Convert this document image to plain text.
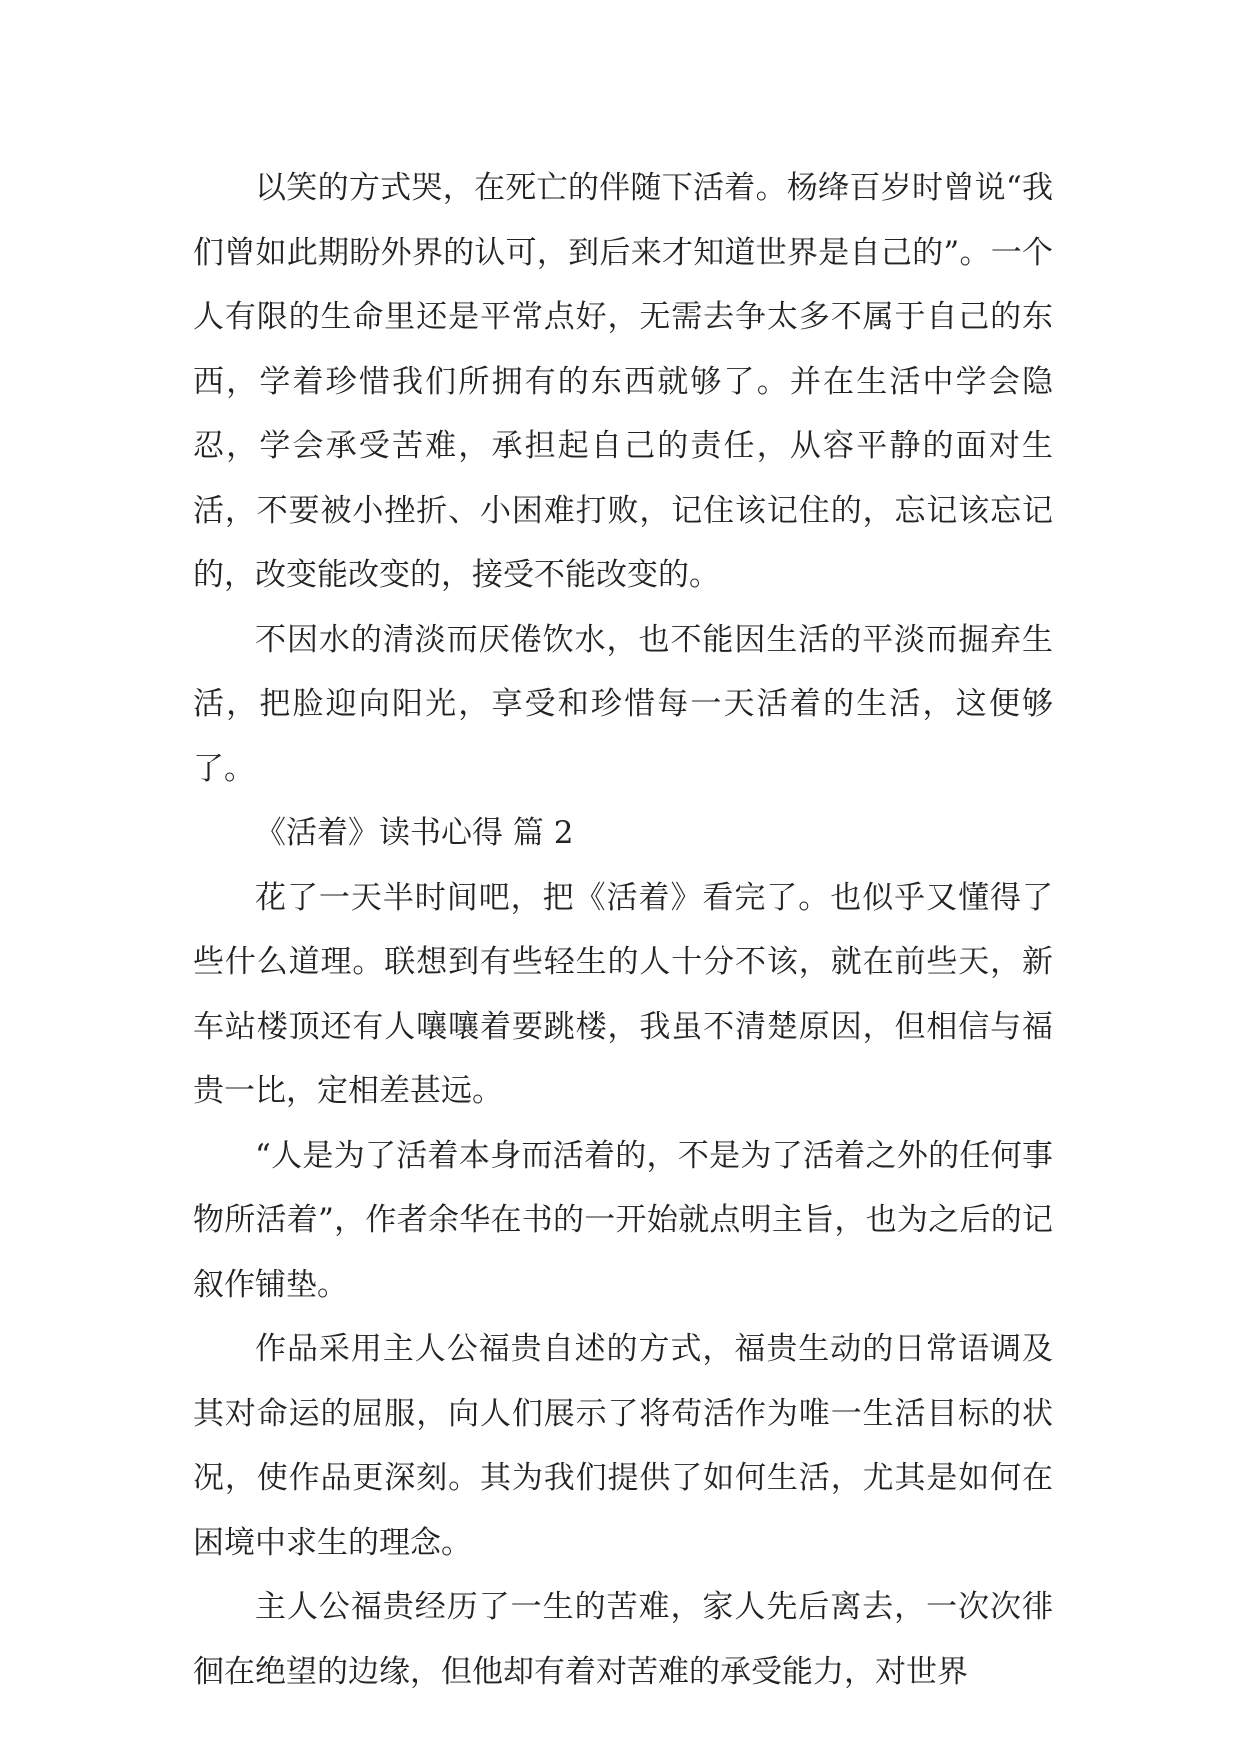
以笑的方式哭，在死亡的伴随下活着。杨绛百岁时曾说“我们曾如此期盼外界的认可，到后来才知道世界是自己的”。一个人有限的生命里还是平常点好，无需去争太多不属于自己的东西，学着珍惜我们所拥有的东西就够了。并在生活中学会隐忍，学会承受苦难，承担起自己的责任，从容平静的面对生活，不要被小挫折、小困难打败，记住该记住的，忘记该忘记的，改变能改变的，接受不能改变的。

不因水的清淡而厌倦饮水，也不能因生活的平淡而掘弃生活，把脸迎向阳光，享受和珍惜每一天活着的生活，这便够了。

《活着》读书心得 篇 2

花了一天半时间吧，把《活着》看完了。也似乎又懂得了些什么道理。联想到有些轻生的人十分不该，就在前些天，新车站楼顶还有人嚷嚷着要跳楼，我虽不清楚原因，但相信与福贵一比，定相差甚远。

“人是为了活着本身而活着的，不是为了活着之外的任何事物所活着”，作者余华在书的一开始就点明主旨，也为之后的记叙作铺垫。

作品采用主人公福贵自述的方式，福贵生动的日常语调及其对命运的屈服，向人们展示了将苟活作为唯一生活目标的状况，使作品更深刻。其为我们提供了如何生活，尤其是如何在困境中求生的理念。

主人公福贵经历了一生的苦难，家人先后离去，一次次徘徊在绝望的边缘，但他却有着对苦难的承受能力，对世界
